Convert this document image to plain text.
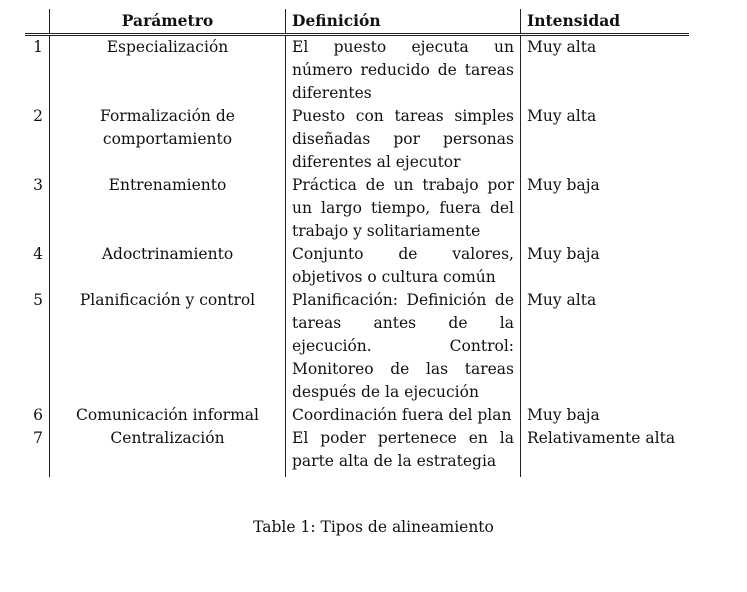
	Parámetro	Definición	Intensidad
1	Especialización	El puesto ejecuta un número reducido de tareas diferentes	Muy alta
2	Formalización de comportamiento	Puesto con tareas simples diseñadas por personas diferentes al ejecutor	Muy alta
3	Entrenamiento	Práctica de un trabajo por un largo tiempo, fuera del trabajo y solitariamente	Muy baja
4	Adoctrinamiento	Conjunto de valores, objetivos o cultura común	Muy baja
5	Planificación y control	Planificación: Definición de tareas antes de la ejecución. Control: Monitoreo de las tareas después de la ejecución	Muy alta
6	Comunicación informal	Coordinación fuera del plan	Muy baja
7	Centralización	El poder pertenece en la parte alta de la estrategia	Relativamente alta
Table 1: Tipos de alineamiento
